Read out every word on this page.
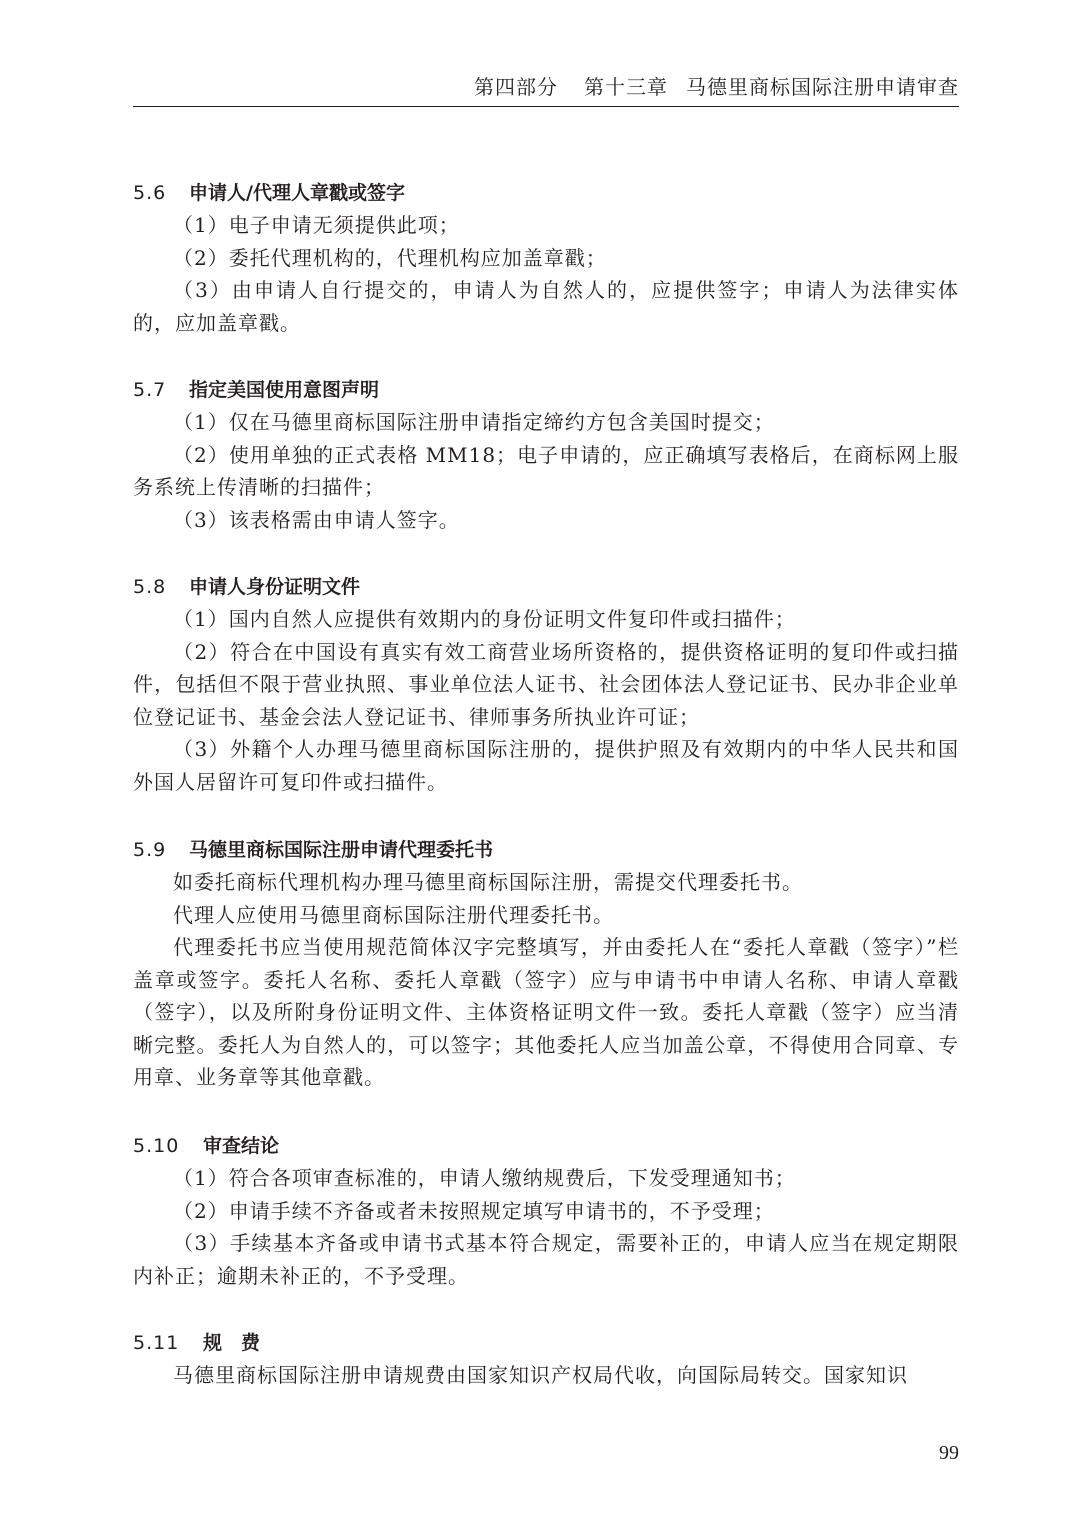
第四部分 第十三章 马德里商标国际注册申请审查
5.6 申请人/代理人章戳或签字

（1）电子申请无须提供此项；

（2）委托代理机构的，代理机构应加盖章戳；

（3）由申请人自行提交的，申请人为自然人的，应提供签字；申请人为法律实体的，应加盖章戳。

5.7 指定美国使用意图声明

（1）仅在马德里商标国际注册申请指定缔约方包含美国时提交；

（2）使用单独的正式表格 MM18；电子申请的，应正确填写表格后，在商标网上服务系统上传清晰的扫描件；

（3）该表格需由申请人签字。

5.8 申请人身份证明文件

（1）国内自然人应提供有效期内的身份证明文件复印件或扫描件；

（2）符合在中国设有真实有效工商营业场所资格的，提供资格证明的复印件或扫描件，包括但不限于营业执照、事业单位法人证书、社会团体法人登记证书、民办非企业单位登记证书、基金会法人登记证书、律师事务所执业许可证；

（3）外籍个人办理马德里商标国际注册的，提供护照及有效期内的中华人民共和国外国人居留许可复印件或扫描件。

5.9 马德里商标国际注册申请代理委托书

如委托商标代理机构办理马德里商标国际注册，需提交代理委托书。

代理人应使用马德里商标国际注册代理委托书。

代理委托书应当使用规范简体汉字完整填写，并由委托人在“委托人章戳（签字）”栏盖章或签字。委托人名称、委托人章戳（签字）应与申请书中申请人名称、申请人章戳（签字），以及所附身份证明文件、主体资格证明文件一致。委托人章戳（签字）应当清晰完整。委托人为自然人的，可以签字；其他委托人应当加盖公章，不得使用合同章、专用章、业务章等其他章戳。

5.10 审查结论

（1）符合各项审查标准的，申请人缴纳规费后，下发受理通知书；

（2）申请手续不齐备或者未按照规定填写申请书的，不予受理；

（3）手续基本齐备或申请书式基本符合规定，需要补正的，申请人应当在规定期限内补正；逾期未补正的，不予受理。

5.11 规　费

马德里商标国际注册申请规费由国家知识产权局代收，向国际局转交。国家知识

99
